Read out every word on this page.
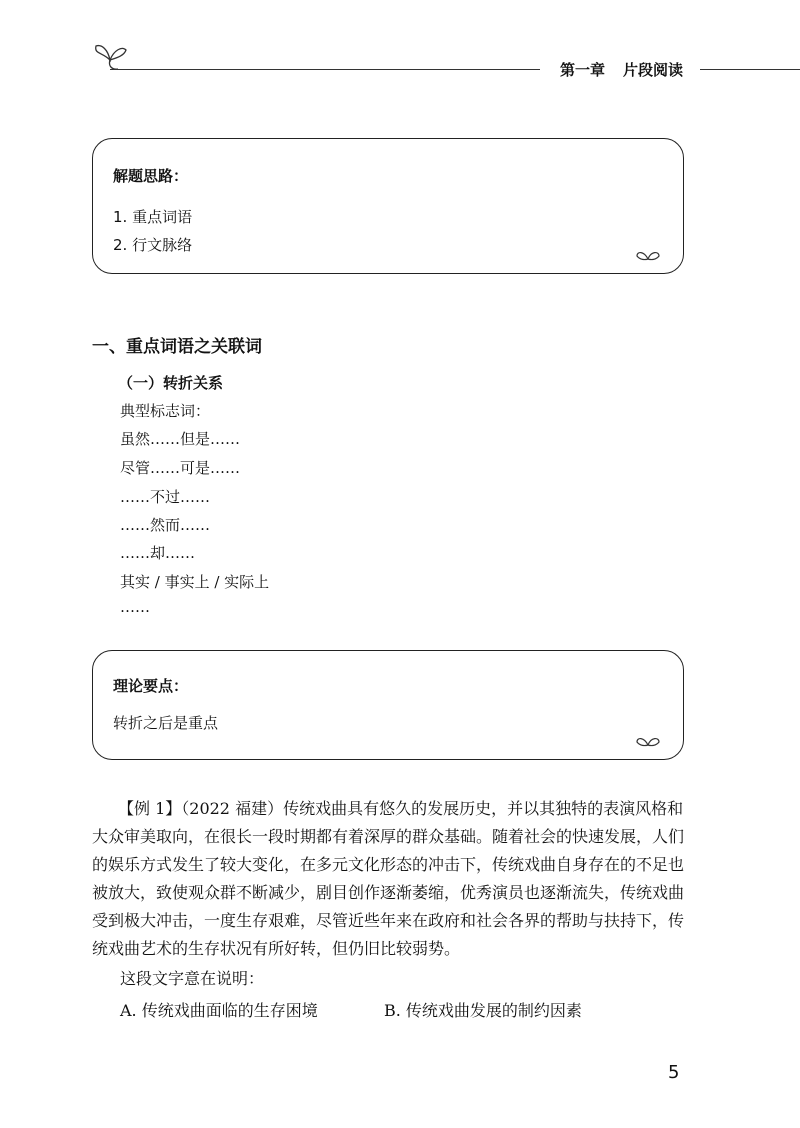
第一章 片段阅读
解题思路：
1. 重点词语
2. 行文脉络
一、重点词语之关联词
（一）转折关系
典型标志词：
虽然……但是……
尽管……可是……
……不过……
……然而……
……却……
其实 / 事实上 / 实际上
……
理论要点：
转折之后是重点
【例 1】（2022 福建）传统戏曲具有悠久的发展历史，并以其独特的表演风格和
大众审美取向，在很长一段时期都有着深厚的群众基础。随着社会的快速发展，人们
的娱乐方式发生了较大变化，在多元文化形态的冲击下，传统戏曲自身存在的不足也
被放大，致使观众群不断减少，剧目创作逐渐萎缩，优秀演员也逐渐流失，传统戏曲
受到极大冲击，一度生存艰难，尽管近些年来在政府和社会各界的帮助与扶持下，传
统戏曲艺术的生存状况有所好转，但仍旧比较弱势。
这段文字意在说明：
A. 传统戏曲面临的生存困境	B. 传统戏曲发展的制约因素
5
